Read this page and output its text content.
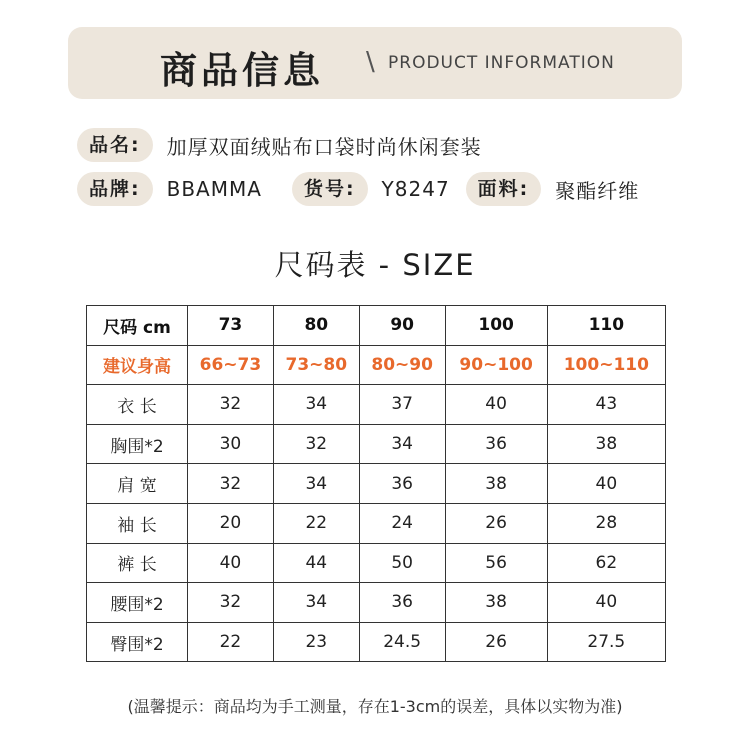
商品信息 \ PRODUCT INFORMATION
品名:	加厚双面绒贴布口袋时尚休闲套装
品牌:	BBAMMA	货号:	Y8247	面料:	聚酯纤维
尺码表 - SIZE
尺码 cm	73	80	90	100	110
建议身高	66~73	73~80	80~90	90~100	100~110
衣 长	32	34	37	40	43
胸围*2	30	32	34	36	38
肩 宽	32	34	36	38	40
袖 长	20	22	24	26	28
裤 长	40	44	50	56	62
腰围*2	32	34	36	38	40
臀围*2	22	23	24.5	26	27.5
(温馨提示：商品均为手工测量，存在1-3cm的误差，具体以实物为准)
